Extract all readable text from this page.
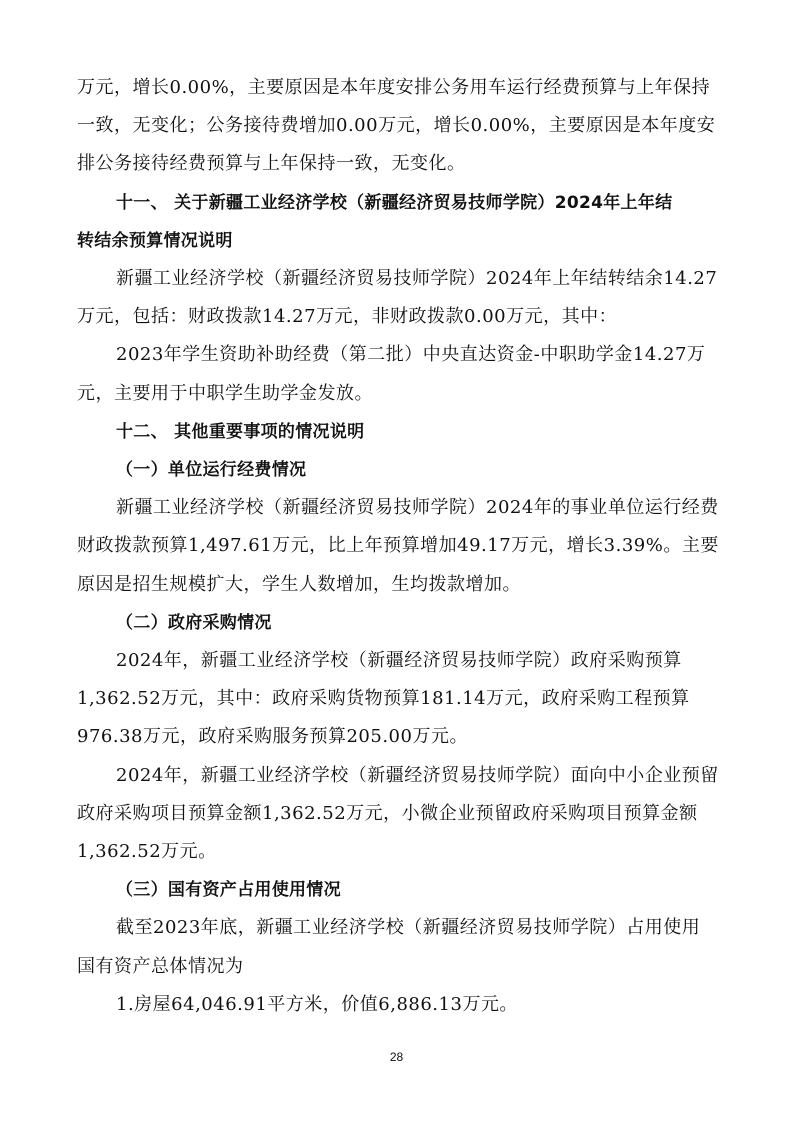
万元，增长0.00%，主要原因是本年度安排公务用车运行经费预算与上年保持
一致，无变化；公务接待费增加0.00万元，增长0.00%，主要原因是本年度安
排公务接待经费预算与上年保持一致，无变化。
十一、 关于新疆工业经济学校（新疆经济贸易技师学院）2024年上年结
转结余预算情况说明
新疆工业经济学校（新疆经济贸易技师学院）2024年上年结转结余14.27
万元，包括：财政拨款14.27万元，非财政拨款0.00万元，其中：
2023年学生资助补助经费（第二批）中央直达资金-中职助学金14.27万
元，主要用于中职学生助学金发放。
十二、 其他重要事项的情况说明
（一）单位运行经费情况
新疆工业经济学校（新疆经济贸易技师学院）2024年的事业单位运行经费
财政拨款预算1,497.61万元，比上年预算增加49.17万元，增长3.39%。主要
原因是招生规模扩大，学生人数增加，生均拨款增加。
（二）政府采购情况
2024年，新疆工业经济学校（新疆经济贸易技师学院）政府采购预算
1,362.52万元，其中：政府采购货物预算181.14万元，政府采购工程预算
976.38万元，政府采购服务预算205.00万元。
2024年，新疆工业经济学校（新疆经济贸易技师学院）面向中小企业预留
政府采购项目预算金额1,362.52万元，小微企业预留政府采购项目预算金额
1,362.52万元。
（三）国有资产占用使用情况
截至2023年底，新疆工业经济学校（新疆经济贸易技师学院）占用使用
国有资产总体情况为
1.房屋64,046.91平方米，价值6,886.13万元。
28
